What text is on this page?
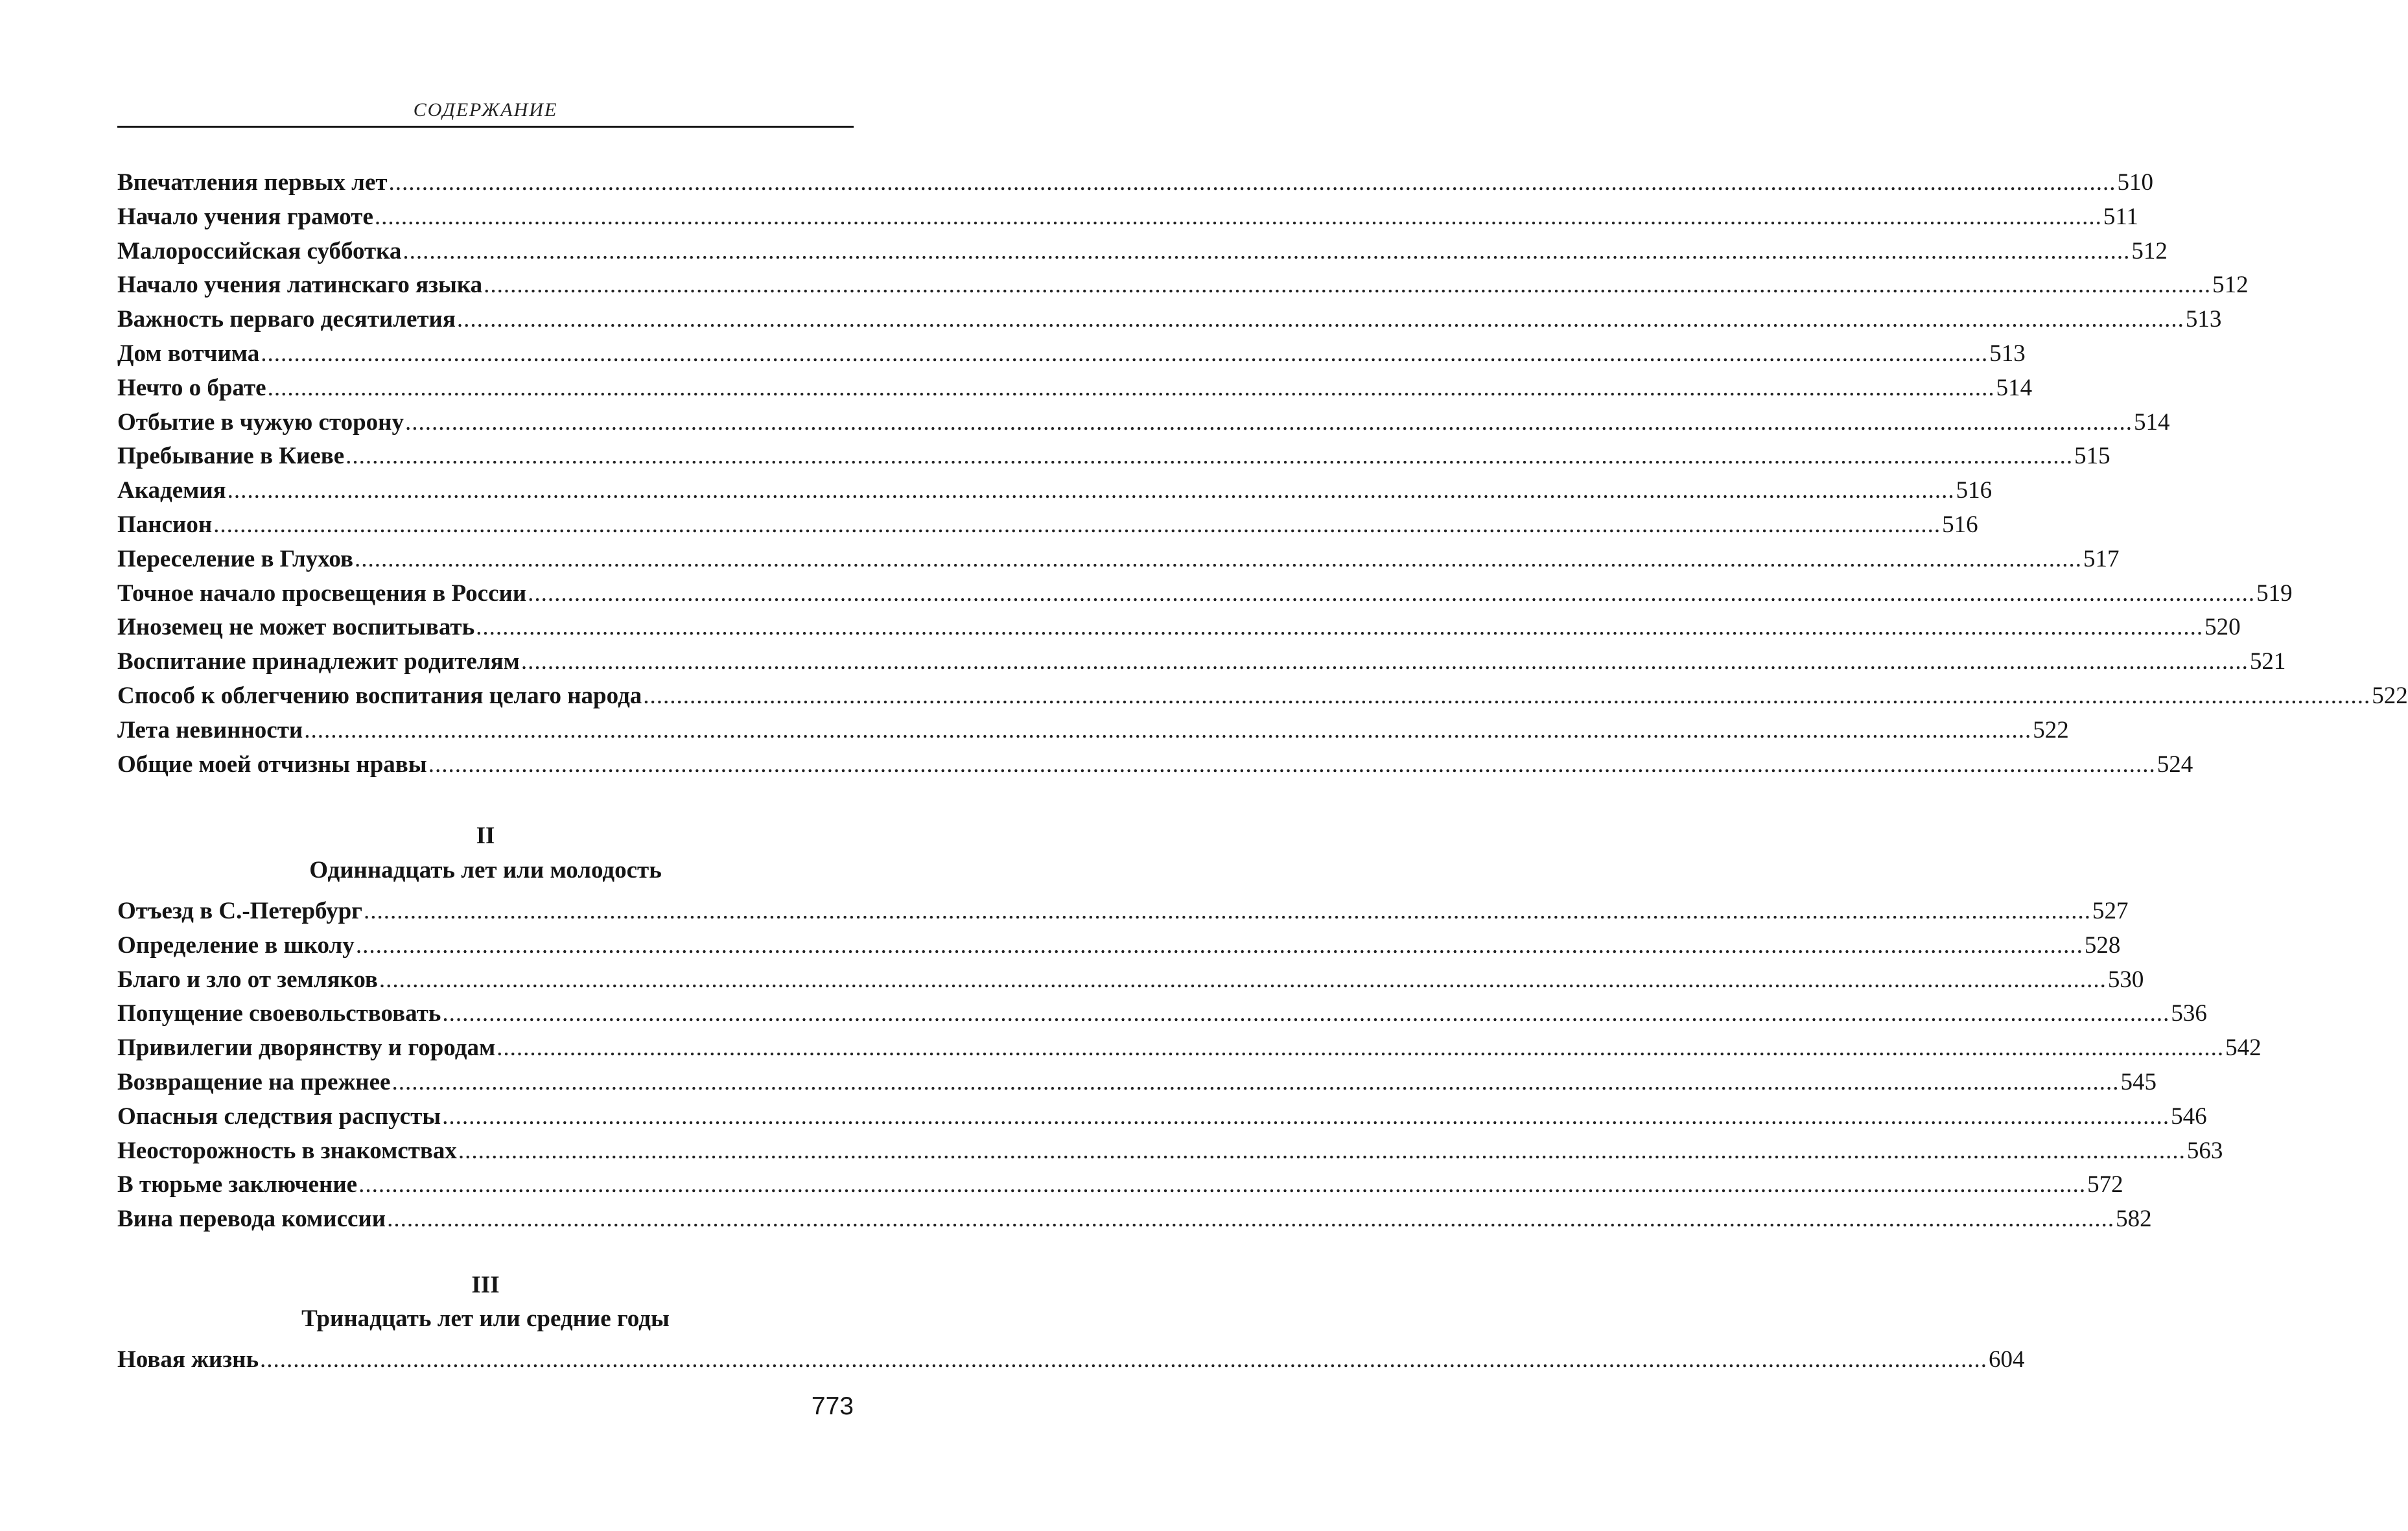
СОДЕРЖАНИЕ
Впечатления первых лет .................................................................................................................................................................................................................................................................... 510
Начало учения грамоте .................................................................................................................................................................................................................................................................... 511
Малороссийская субботка .................................................................................................................................................................................................................................................................... 512
Начало учения латинскаго языка .................................................................................................................................................................................................................................................................... 512
Важность перваго десятилетия .................................................................................................................................................................................................................................................................... 513
Дом вотчима .................................................................................................................................................................................................................................................................... 513
Нечто о брате .................................................................................................................................................................................................................................................................... 514
Отбытие в чужую сторону .................................................................................................................................................................................................................................................................... 514
Пребывание в Киеве .................................................................................................................................................................................................................................................................... 515
Академия .................................................................................................................................................................................................................................................................... 516
Пансион .................................................................................................................................................................................................................................................................... 516
Переселение в Глухов .................................................................................................................................................................................................................................................................... 517
Точное начало просвещения в России .................................................................................................................................................................................................................................................................... 519
Иноземец не может воспитывать .................................................................................................................................................................................................................................................................... 520
Воспитание принадлежит родителям .................................................................................................................................................................................................................................................................... 521
Способ к облегчению воспитания целаго народа .................................................................................................................................................................................................................................................................... 522
Лета невинности .................................................................................................................................................................................................................................................................... 522
Общие моей отчизны нравы .................................................................................................................................................................................................................................................................... 524
II
Одиннадцать лет или молодость
Отъезд в С.-Петербург .................................................................................................................................................................................................................................................................... 527
Определение в школу .................................................................................................................................................................................................................................................................... 528
Благо и зло от земляков .................................................................................................................................................................................................................................................................... 530
Попущение своевольствовать .................................................................................................................................................................................................................................................................... 536
Привилегии дворянству и городам .................................................................................................................................................................................................................................................................... 542
Возвращение на прежнее .................................................................................................................................................................................................................................................................... 545
Опасныя следствия распусты .................................................................................................................................................................................................................................................................... 546
Неосторожность в знакомствах .................................................................................................................................................................................................................................................................... 563
В тюрьме заключение .................................................................................................................................................................................................................................................................... 572
Вина перевода комиссии .................................................................................................................................................................................................................................................................... 582
III
Тринадцать лет или средние годы
Новая жизнь .................................................................................................................................................................................................................................................................... 604
773
